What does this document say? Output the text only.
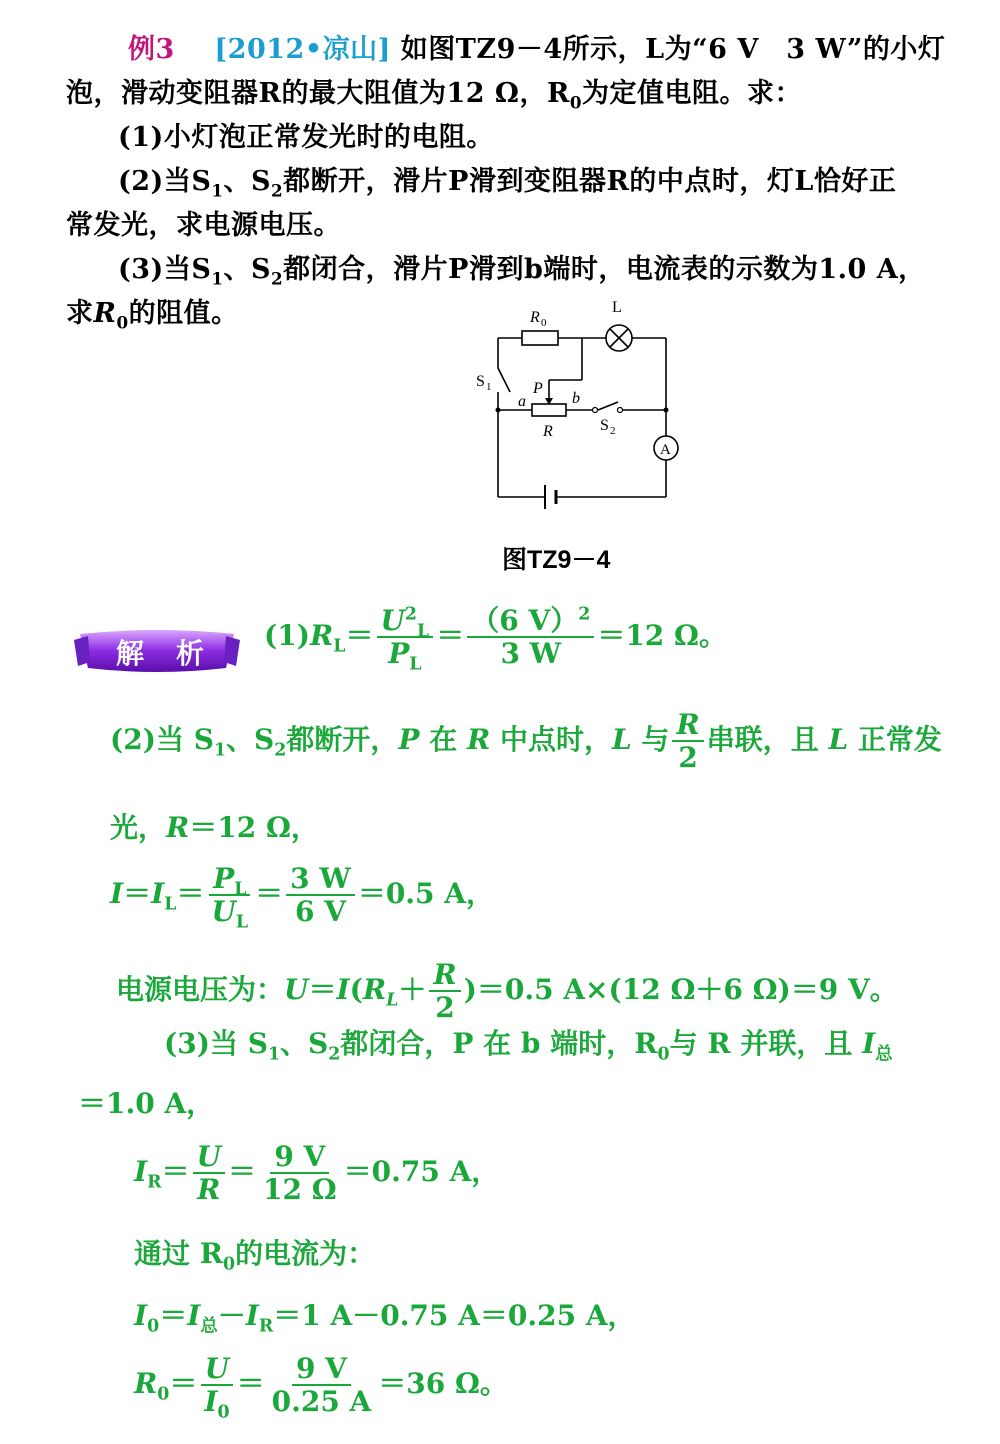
例3 [2012•凉山] 如图TZ9－4所示，L为“6 V　3 W”的小灯
泡，滑动变阻器R的最大阻值为12 Ω，$R_0$为定值电阻。求：
(1)小灯泡正常发光时的电阻。
(2)当$S_1$、$S_2$都断开，滑片P滑到变阻器R的中点时，灯L恰好正
常发光，求电源电压。
(3)当$S_1$、$S_2$都闭合，滑片P滑到b端时，电流表的示数为1.0 A，
求$R_0$的阻值。	R 0
L
S 1	P
a	b
R	S 2
A
图TZ9－4
解　析
$(1)R_L= \frac{U^2_L}{P_L} = \frac{(6 V)^2}{3 W} =12$ Ω。
(2)当 $S_1$、$S_2$都断开，P 在 R 中点时，L 与 $\frac{R}{2}$ 串联，且 L 正常发
光，R＝12 Ω，
$I=I_L= \frac{P_L}{U_L} = \frac{3 W}{6 V} =0.5$ A，
电源电压为：$U=I(R_L+ \frac{R}{2} )=0.5$ A×(12 Ω＋6 Ω)＝9 V。
(3)当 $S_1$、$S_2$都闭合，P 在 b 端时，$R_0$与 R 并联，且 $I_总$
＝1.0 A，
$I_R= \frac{U}{R} = \frac{9 V}{12 \Omega} =0.75$ A，
通过 $R_0$的电流为：
$I_0=I_总-I_R=1$ A－0.75 A＝0.25 A，
$R_0= \frac{U}{I_0} = \frac{9 V}{0.25 A} =36$ Ω。
